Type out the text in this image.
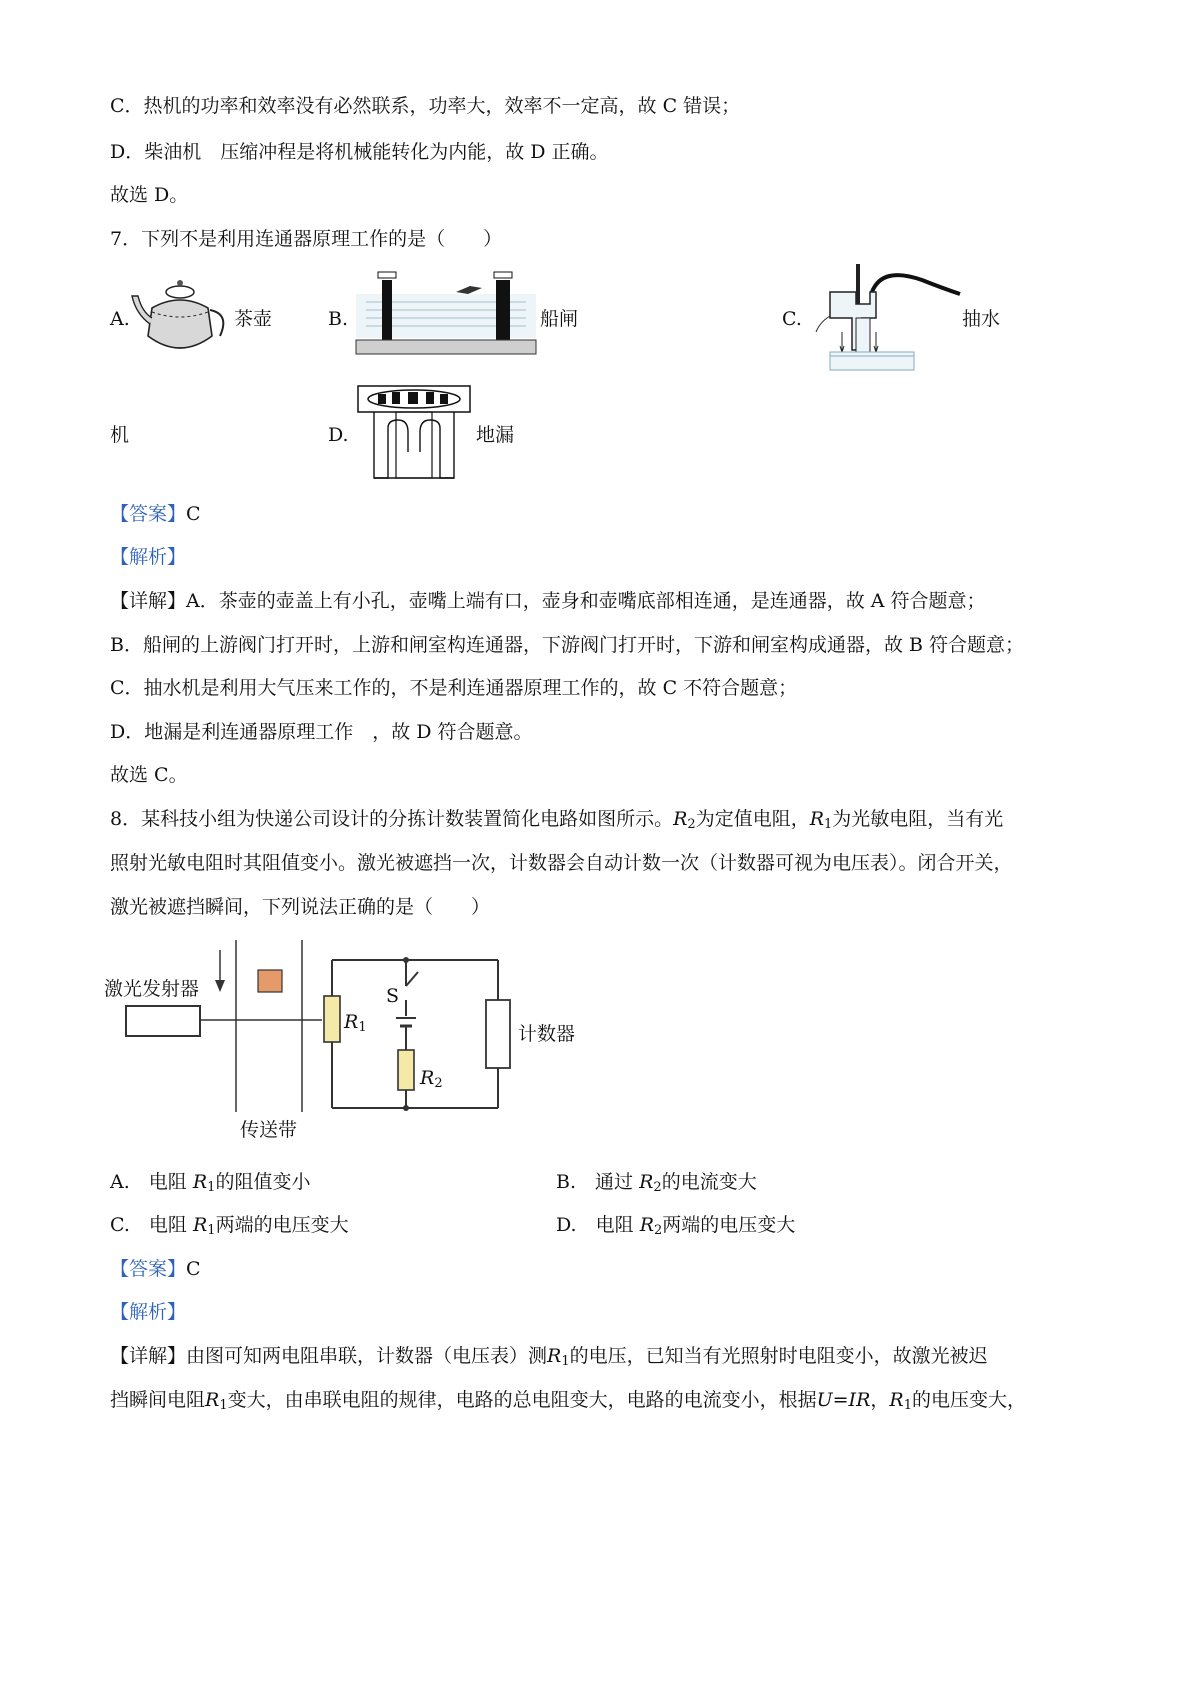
C．热机的功率和效率没有必然联系，功率大，效率不一定高，故 C 错误；
D．柴油机　压缩冲程是将机械能转化为内能，故 D 正确。
故选 D。
7．下列不是利用连通器原理工作的是（　　）
A.	茶壶	B.	船闸	C.	抽水
机	D.	地漏
【答案】C
【解析】
【详解】A．茶壶的壶盖上有小孔，壶嘴上端有口，壶身和壶嘴底部相连通，是连通器，故 A 符合题意；
B．船闸的上游阀门打开时，上游和闸室构连通器，下游阀门打开时，下游和闸室构成通器，故 B 符合题意；
C．抽水机是利用大气压来工作的，不是利连通器原理工作的，故 C 不符合题意；
D．地漏是利连通器原理工作　，故 D 符合题意。
故选 C。
8．某科技小组为快递公司设计的分拣计数装置简化电路如图所示。$R_2$为定值电阻，$R_1$为光敏电阻，当有光
照射光敏电阻时其阻值变小。激光被遮挡一次，计数器会自动计数一次（计数器可视为电压表）。闭合开关，
激光被遮挡瞬间，下列说法正确的是（　　）
激光发射器
传送带
计数器
S
$R_1$
$R_2$
A.　 电阻 $R_1$的阻值变小	B.　 通过 $R_2$的电流变大
C.　 电阻 $R_1$两端的电压变大	D.　 电阻 $R_2$两端的电压变大
【答案】C
【解析】
【详解】由图可知两电阻串联，计数器（电压表）测$R_1$的电压，已知当有光照射时电阻变小，故激光被迟
挡瞬间电阻$R_1$变大，由串联电阻的规律，电路的总电阻变大，电路的电流变小，根据U=IR，$R_1$的电压变大，
